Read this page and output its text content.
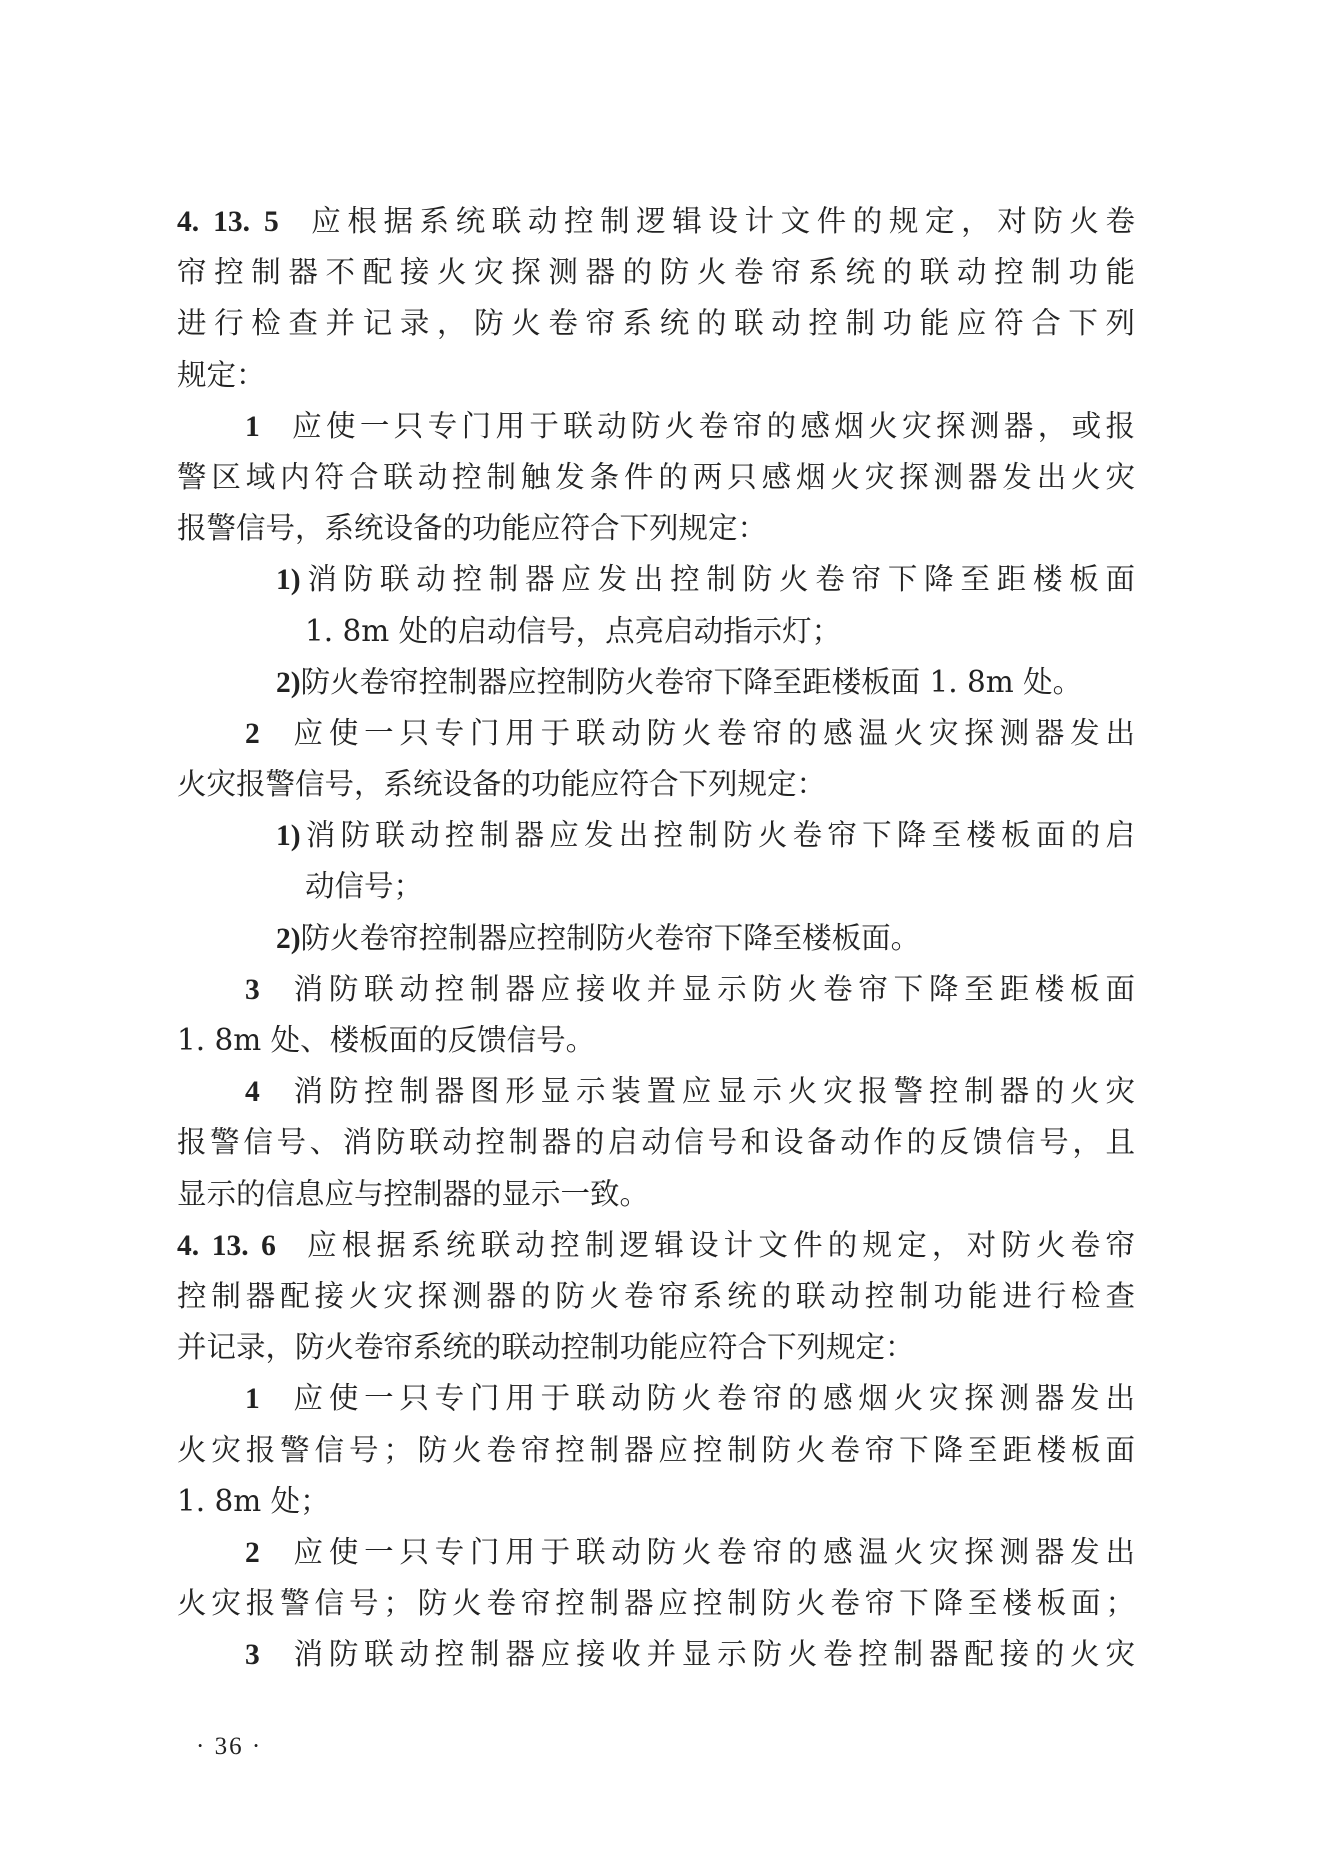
4. 13. 5 应根据系统联动控制逻辑设计文件的规定，对防火卷
帘控制器不配接火灾探测器的防火卷帘系统的联动控制功能
进行检查并记录，防火卷帘系统的联动控制功能应符合下列
规定：
1 应使一只专门用于联动防火卷帘的感烟火灾探测器，或报
警区域内符合联动控制触发条件的两只感烟火灾探测器发出火灾
报警信号，系统设备的功能应符合下列规定：
1)消防联动控制器应发出控制防火卷帘下降至距楼板面
1. 8m 处的启动信号，点亮启动指示灯；
2)防火卷帘控制器应控制防火卷帘下降至距楼板面 1. 8m 处。
2 应使一只专门用于联动防火卷帘的感温火灾探测器发出
火灾报警信号，系统设备的功能应符合下列规定：
1)消防联动控制器应发出控制防火卷帘下降至楼板面的启
动信号；
2)防火卷帘控制器应控制防火卷帘下降至楼板面。
3 消防联动控制器应接收并显示防火卷帘下降至距楼板面
1. 8m 处、楼板面的反馈信号。
4 消防控制器图形显示装置应显示火灾报警控制器的火灾
报警信号、消防联动控制器的启动信号和设备动作的反馈信号，且
显示的信息应与控制器的显示一致。
4. 13. 6 应根据系统联动控制逻辑设计文件的规定，对防火卷帘
控制器配接火灾探测器的防火卷帘系统的联动控制功能进行检查
并记录，防火卷帘系统的联动控制功能应符合下列规定：
1 应使一只专门用于联动防火卷帘的感烟火灾探测器发出
火灾报警信号；防火卷帘控制器应控制防火卷帘下降至距楼板面
1. 8m 处；
2 应使一只专门用于联动防火卷帘的感温火灾探测器发出
火灾报警信号；防火卷帘控制器应控制防火卷帘下降至楼板面；
3 消防联动控制器应接收并显示防火卷控制器配接的火灾
· 36 ·
